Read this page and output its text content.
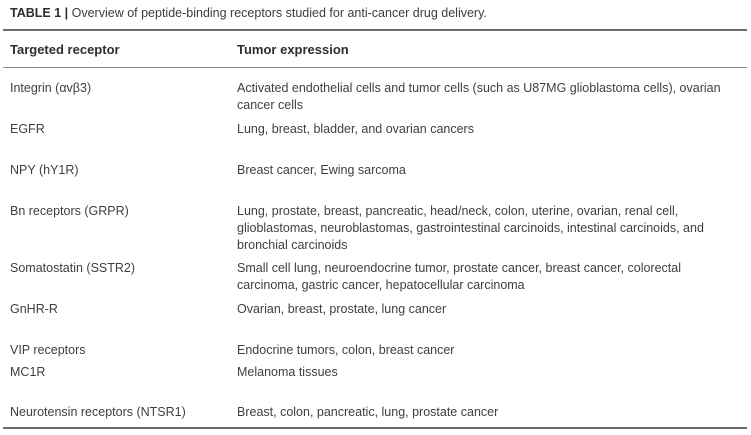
TABLE 1 | Overview of peptide-binding receptors studied for anti-cancer drug delivery.
Targeted receptor	Tumor expression
Integrin (αvβ3)	Activated endothelial cells and tumor cells (such as U87MG glioblastoma cells), ovarian cancer cells
EGFR	Lung, breast, bladder, and ovarian cancers
NPY (hY1R)	Breast cancer, Ewing sarcoma
Bn receptors (GRPR)	Lung, prostate, breast, pancreatic, head/neck, colon, uterine, ovarian, renal cell, glioblastomas, neuroblastomas, gastrointestinal carcinoids, intestinal carcinoids, and bronchial carcinoids
Somatostatin (SSTR2)	Small cell lung, neuroendocrine tumor, prostate cancer, breast cancer, colorectal carcinoma, gastric cancer, hepatocellular carcinoma
GnHR-R	Ovarian, breast, prostate, lung cancer
VIP receptors	Endocrine tumors, colon, breast cancer
MC1R	Melanoma tissues
Neurotensin receptors (NTSR1)	Breast, colon, pancreatic, lung, prostate cancer
